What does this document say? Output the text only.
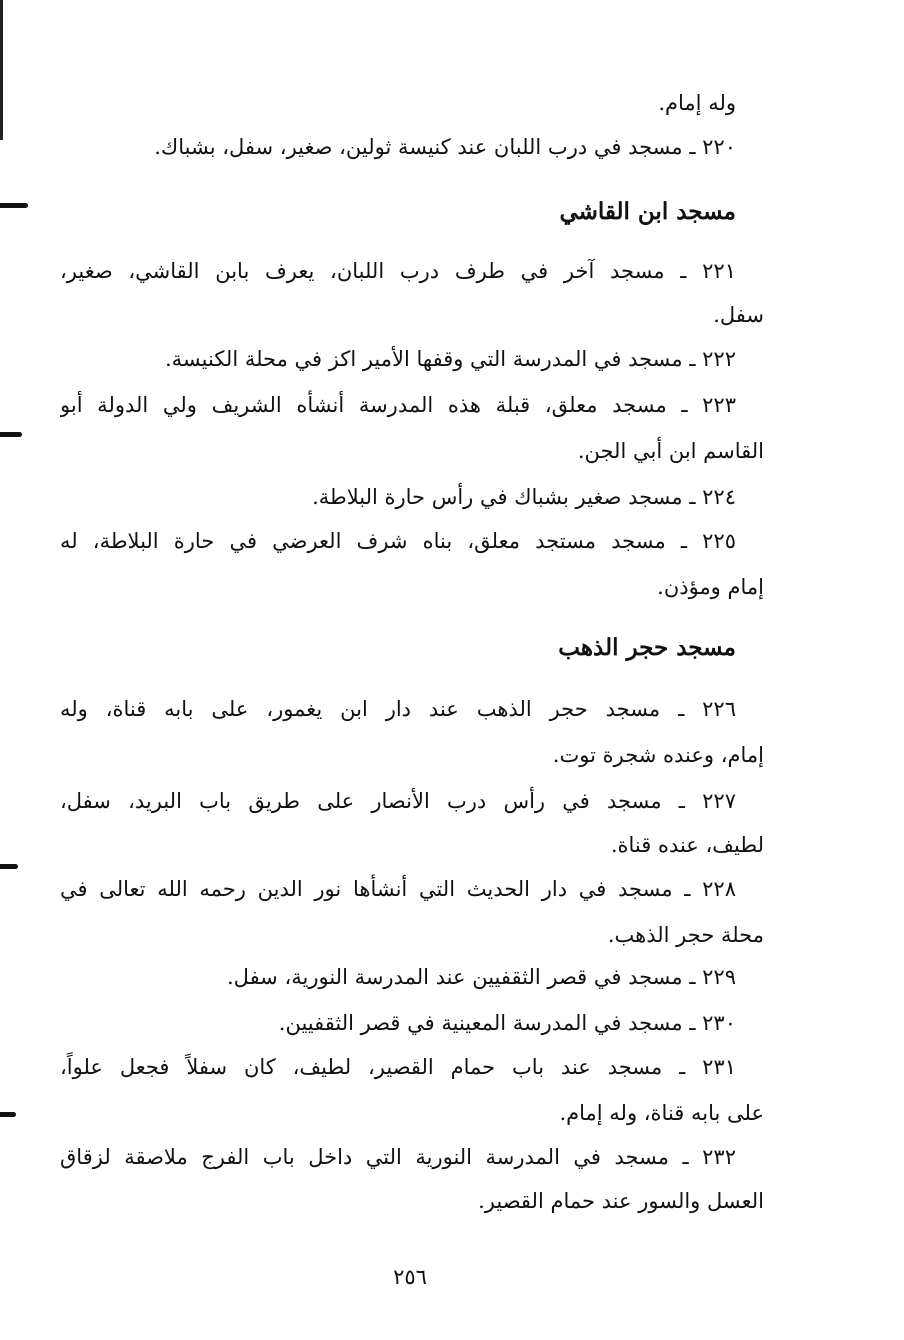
وله إمام.
٢٢٠ ـ مسجد في درب اللبان عند كنيسة ثولين، صغير، سفل، بشباك.
مسجد ابن القاشي
٢٢١ ـ مسجد آخر في طرف درب اللبان، يعرف بابن القاشي، صغير،
سفل.
٢٢٢ ـ مسجد في المدرسة التي وقفها الأمير اكز في محلة الكنيسة.
٢٢٣ ـ مسجد معلق، قبلة هذه المدرسة أنشأه الشريف ولي الدولة أبو
القاسم ابن أبي الجن.
٢٢٤ ـ مسجد صغير بشباك في رأس حارة البلاطة.
٢٢٥ ـ مسجد مستجد معلق، بناه شرف العرضي في حارة البلاطة، له
إمام ومؤذن.
مسجد حجر الذهب
٢٢٦ ـ مسجد حجر الذهب عند دار ابن يغمور، على بابه قناة، وله
إمام، وعنده شجرة توت.
٢٢٧ ـ مسجد في رأس درب الأنصار على طريق باب البريد، سفل،
لطيف، عنده قناة.
٢٢٨ ـ مسجد في دار الحديث التي أنشأها نور الدين رحمه الله تعالى في
محلة حجر الذهب.
٢٢٩ ـ مسجد في قصر الثقفيين عند المدرسة النورية، سفل.
٢٣٠ ـ مسجد في المدرسة المعينية في قصر الثقفيين.
٢٣١ ـ مسجد عند باب حمام القصير، لطيف، كان سفلاً فجعل علواً،
على بابه قناة، وله إمام.
٢٣٢ ـ مسجد في المدرسة النورية التي داخل باب الفرج ملاصقة لزقاق
العسل والسور عند حمام القصير.
٢٥٦
